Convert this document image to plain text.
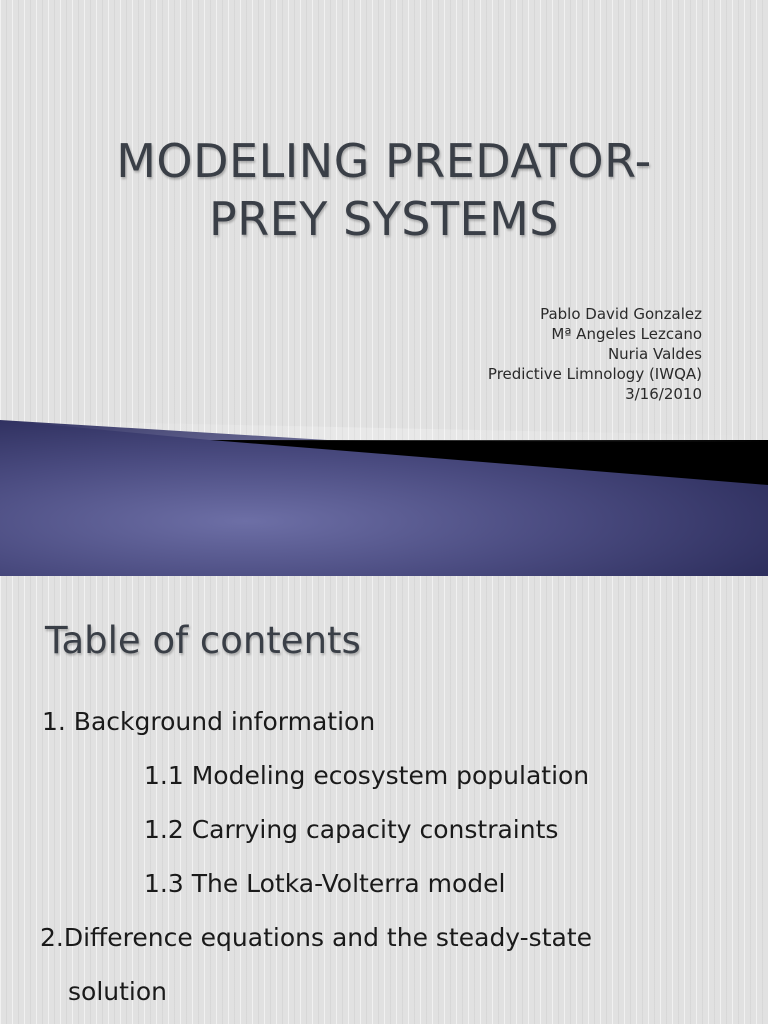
MODELING PREDATOR-
PREY SYSTEMS
Pablo David Gonzalez
Mª Angeles Lezcano
Nuria Valdes
Predictive Limnology (IWQA)
3/16/2010
Table of contents
1. Background information
1.1 Modeling ecosystem population
1.2 Carrying capacity constraints
1.3 The Lotka-Volterra model
2.Difference equations and the steady-state
solution
